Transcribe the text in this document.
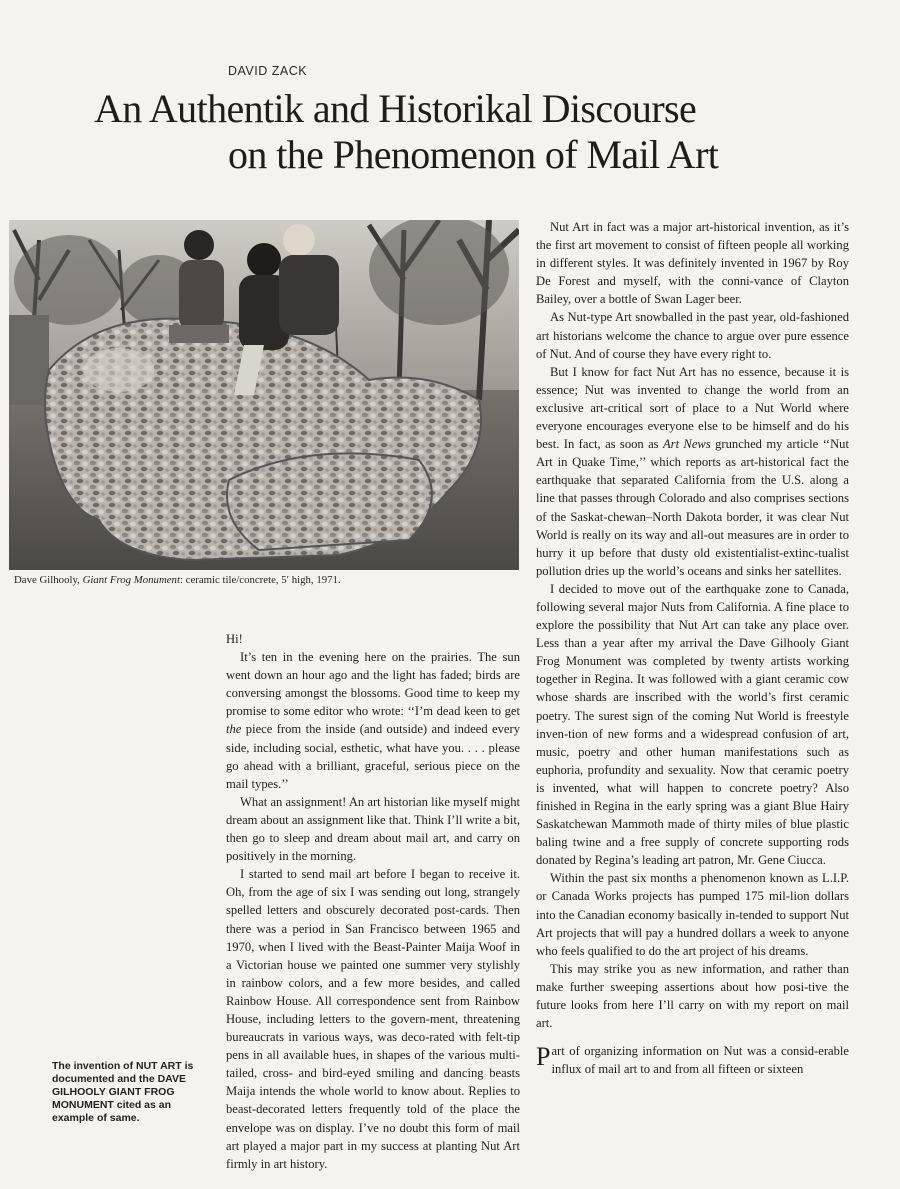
DAVID ZACK
An Authentik and Historikal Discourse
on the Phenomenon of Mail Art
Dave Gilhooly, Giant Frog Monument: ceramic tile/concrete, 5′ high, 1971.

Hi!

It’s ten in the evening here on the prairies. The sun went down an hour ago and the light has faded; birds are conversing amongst the blossoms. Good time to keep my promise to some editor who wrote: ‘‘I’m dead keen to get the piece from the inside (and outside) and indeed every side, including social, esthetic, what have you. . . . please go ahead with a brilliant, graceful, serious piece on the mail types.’’

What an assignment! An art historian like myself might dream about an assignment like that. Think I’ll write a bit, then go to sleep and dream about mail art, and carry on positively in the morning.

I started to send mail art before I began to receive it. Oh, from the age of six I was sending out long, strangely spelled letters and obscurely decorated post-cards. Then there was a period in San Francisco between 1965 and 1970, when I lived with the Beast-Painter Maija Woof in a Victorian house we painted one summer very stylishly in rainbow colors, and a few more besides, and called Rainbow House. All correspondence sent from Rainbow House, including letters to the govern-ment, threatening bureaucrats in various ways, was deco-rated with felt-tip pens in all available hues, in shapes of the various multi-tailed, cross- and bird-eyed smiling and dancing beasts Maija intends the whole world to know about. Replies to beast-decorated letters frequently told of the place the envelope was on display. I’ve no doubt this form of mail art played a major part in my success at planting Nut Art firmly in art history.

The invention of NUT ART is documented and the DAVE GILHOOLY GIANT FROG MONUMENT cited as an example of same.

Nut Art in fact was a major art-historical invention, as it’s the first art movement to consist of fifteen people all working in different styles. It was definitely invented in 1967 by Roy De Forest and myself, with the conni-vance of Clayton Bailey, over a bottle of Swan Lager beer.

As Nut-type Art snowballed in the past year, old-fashioned art historians welcome the chance to argue over pure essence of Nut. And of course they have every right to.

But I know for fact Nut Art has no essence, because it is essence; Nut was invented to change the world from an exclusive art-critical sort of place to a Nut World where everyone encourages everyone else to be himself and do his best. In fact, as soon as Art News grunched my article ‘‘Nut Art in Quake Time,’’ which reports as art-historical fact the earthquake that separated California from the U.S. along a line that passes through Colorado and also comprises sections of the Saskat-chewan–North Dakota border, it was clear Nut World is really on its way and all-out measures are in order to hurry it up before that dusty old existentialist-extinc-tualist pollution dries up the world’s oceans and sinks her satellites.

I decided to move out of the earthquake zone to Canada, following several major Nuts from California. A fine place to explore the possibility that Nut Art can take any place over. Less than a year after my arrival the Dave Gilhooly Giant Frog Monument was completed by twenty artists working together in Regina. It was followed with a giant ceramic cow whose shards are inscribed with the world’s first ceramic poetry. The surest sign of the coming Nut World is freestyle inven-tion of new forms and a widespread confusion of art, music, poetry and other human manifestations such as euphoria, profundity and sexuality. Now that ceramic poetry is invented, what will happen to concrete poetry? Also finished in Regina in the early spring was a giant Blue Hairy Saskatchewan Mammoth made of thirty miles of blue plastic baling twine and a free supply of concrete supporting rods donated by Regina’s leading art patron, Mr. Gene Ciucca.

Within the past six months a phenomenon known as L.I.P. or Canada Works projects has pumped 175 mil-lion dollars into the Canadian economy basically in-tended to support Nut Art projects that will pay a hundred dollars a week to anyone who feels qualified to do the art project of his dreams.

This may strike you as new information, and rather than make further sweeping assertions about how posi-tive the future looks from here I’ll carry on with my report on mail art.

Part of organizing information on Nut was a consid-erable influx of mail art to and from all fifteen or sixteen
